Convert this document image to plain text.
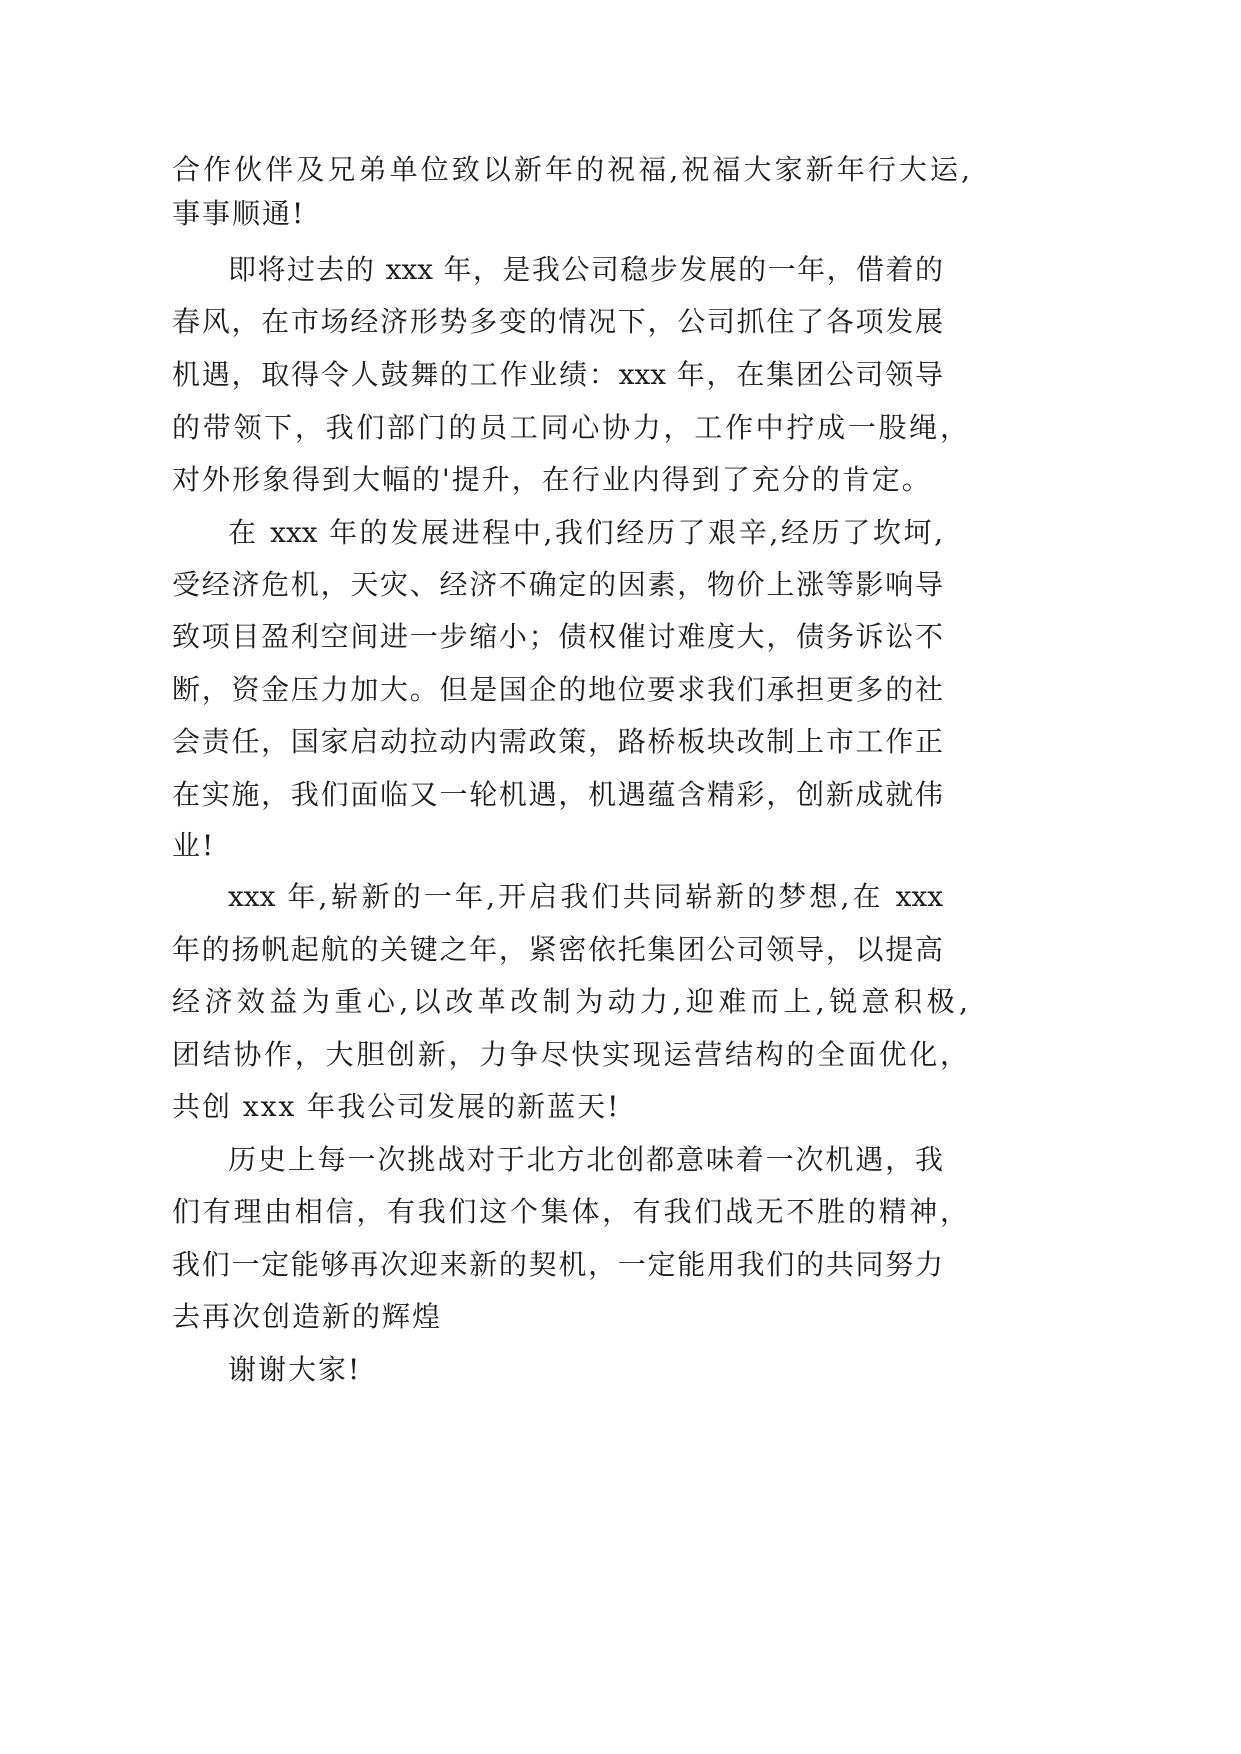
合作伙伴及兄弟单位致以新年的祝福,祝福大家新年行大运,
事事顺通!
即将过去的 xxx 年，是我公司稳步发展的一年，借着的
春风，在市场经济形势多变的情况下，公司抓住了各项发展
机遇，取得令人鼓舞的工作业绩：xxx 年，在集团公司领导
的带领下，我们部门的员工同心协力，工作中拧成一股绳，
对外形象得到大幅的'提升，在行业内得到了充分的肯定。
在 xxx 年的发展进程中,我们经历了艰辛,经历了坎坷,
受经济危机，天灾、经济不确定的因素，物价上涨等影响导
致项目盈利空间进一步缩小；债权催讨难度大，债务诉讼不
断，资金压力加大。但是国企的地位要求我们承担更多的社
会责任，国家启动拉动内需政策，路桥板块改制上市工作正
在实施，我们面临又一轮机遇，机遇蕴含精彩，创新成就伟
业!
xxx 年,崭新的一年,开启我们共同崭新的梦想,在 xxx
年的扬帆起航的关键之年，紧密依托集团公司领导，以提高
经济效益为重心,以改革改制为动力,迎难而上,锐意积极,
团结协作，大胆创新，力争尽快实现运营结构的全面优化，
共创 xxx 年我公司发展的新蓝天!
历史上每一次挑战对于北方北创都意味着一次机遇，我
们有理由相信，有我们这个集体，有我们战无不胜的精神，
我们一定能够再次迎来新的契机，一定能用我们的共同努力
去再次创造新的辉煌
谢谢大家!
